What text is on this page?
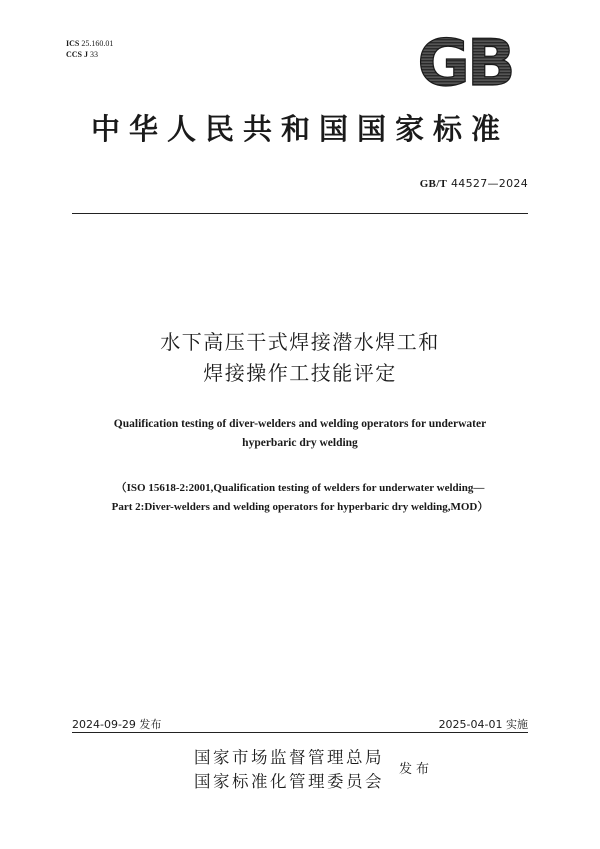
ICS 25.160.01
CCS J 33	GB
中华人民共和国国家标准
GB/T 44527—2024
水下高压干式焊接潜水焊工和
焊接操作工技能评定
Qualification testing of diver-welders and welding operators for underwater
hyperbaric dry welding
（ISO 15618-2:2001,Qualification testing of welders for underwater welding—
Part 2:Diver-welders and welding operators for hyperbaric dry welding,MOD）
2024-09-29 发布	2025-04-01 实施
国家市场监督管理总局
国家标准化管理委员会
发布
